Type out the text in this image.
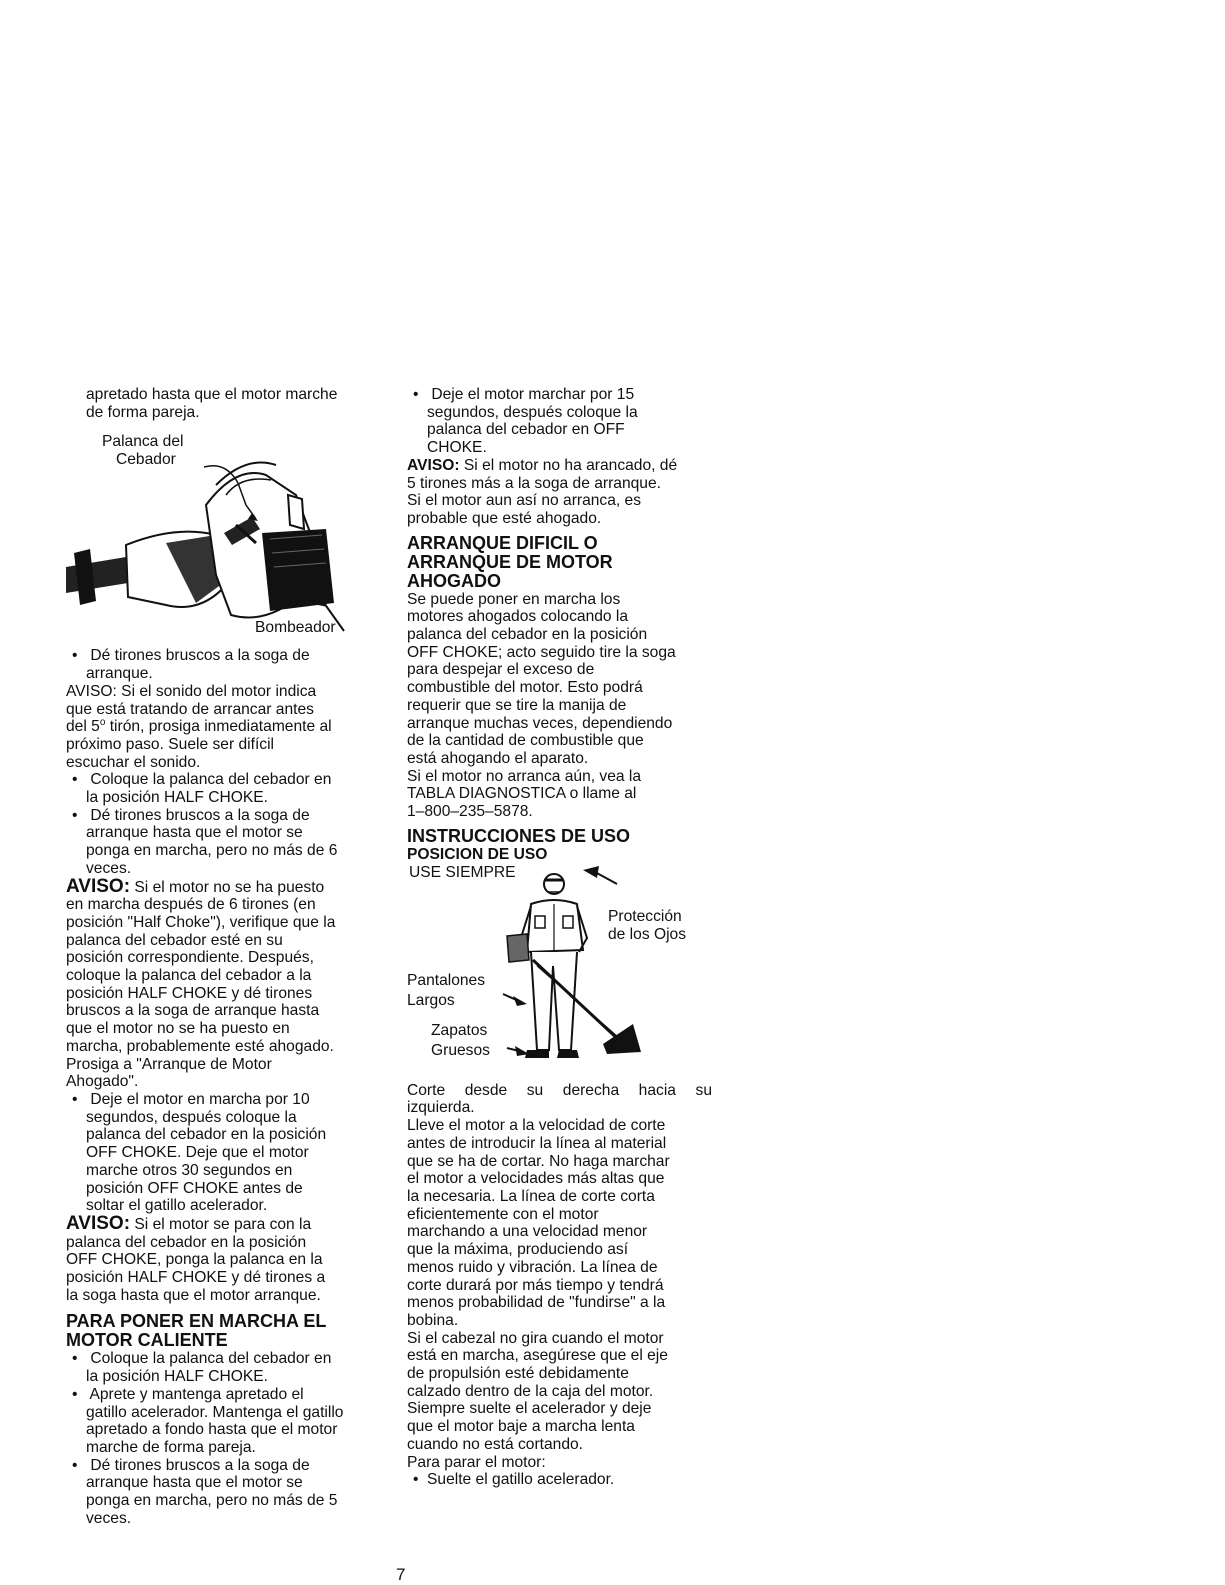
apretado hasta que el motor marche
de forma pareja.

Palanca del
Cebador
Bombeador

• Dé tirones bruscos a la soga de
arranque.

AVISO: Si el sonido del motor indica
que está tratando de arrancar antes
del 5$^o$ tirón, prosiga inmediatamente al
próximo paso. Suele ser difícil
escuchar el sonido.

• Coloque la palanca del cebador en
la posición HALF CHOKE.

• Dé tirones bruscos a la soga de
arranque hasta que el motor se
ponga en marcha, pero no más de 6
veces.

AVISO: Si el motor no se ha puesto
en marcha después de 6 tirones (en
posición "Half Choke"), verifique que la
palanca del cebador esté en su
posición correspondiente. Después,
coloque la palanca del cebador a la
posición HALF CHOKE y dé tirones
bruscos a la soga de arranque hasta
que el motor no se ha puesto en
marcha, probablemente esté ahogado.
Prosiga a "Arranque de Motor
Ahogado".

• Deje el motor en marcha por 10
segundos, después coloque la
palanca del cebador en la posición
OFF CHOKE. Deje que el motor
marche otros 30 segundos en
posición OFF CHOKE antes de
soltar el gatillo acelerador.

AVISO: Si el motor se para con la
palanca del cebador en la posición
OFF CHOKE, ponga la palanca en la
posición HALF CHOKE y dé tirones a
la soga hasta que el motor arranque.

PARA PONER EN MARCHA EL
MOTOR CALIENTE

• Coloque la palanca del cebador en
la posición HALF CHOKE.

• Aprete y mantenga apretado el
gatillo acelerador. Mantenga el gatillo
apretado a fondo hasta que el motor
marche de forma pareja.

• Dé tirones bruscos a la soga de
arranque hasta que el motor se
ponga en marcha, pero no más de 5
veces.

• Deje el motor marchar por 15
segundos, después coloque la
palanca del cebador en OFF
CHOKE.

AVISO: Si el motor no ha arancado, dé
5 tirones más a la soga de arranque.
Si el motor aun así no arranca, es
probable que esté ahogado.

ARRANQUE DIFICIL O
ARRANQUE DE MOTOR
AHOGADO

Se puede poner en marcha los
motores ahogados colocando la
palanca del cebador en la posición
OFF CHOKE; acto seguido tire la soga
para despejar el exceso de
combustible del motor. Esto podrá
requerir que se tire la manija de
arranque muchas veces, dependiendo
de la cantidad de combustible que
está ahogando el aparato.
Si el motor no arranca aún, vea la
TABLA DIAGNOSTICA o llame al
1–800–235–5878.

INSTRUCCIONES DE USO

POSICION DE USO

USE SIEMPRE
Protección
de los Ojos
Pantalones
Largos
Zapatos
Gruesos

Corte desde su derecha hacia su

izquierda.
Lleve el motor a la velocidad de corte
antes de introducir la línea al material
que se ha de cortar. No haga marchar
el motor a velocidades más altas que
la necesaria. La línea de corte corta
eficientemente con el motor
marchando a una velocidad menor
que la máxima, produciendo así
menos ruido y vibración. La línea de
corte durará por más tiempo y tendrá
menos probabilidad de "fundirse" a la
bobina.
Si el cabezal no gira cuando el motor
está en marcha, asegúrese que el eje
de propulsión esté debidamente
calzado dentro de la caja del motor.
Siempre suelte el acelerador y deje
que el motor baje a marcha lenta
cuando no está cortando.
Para parar el motor:

• Suelte el gatillo acelerador.

7
